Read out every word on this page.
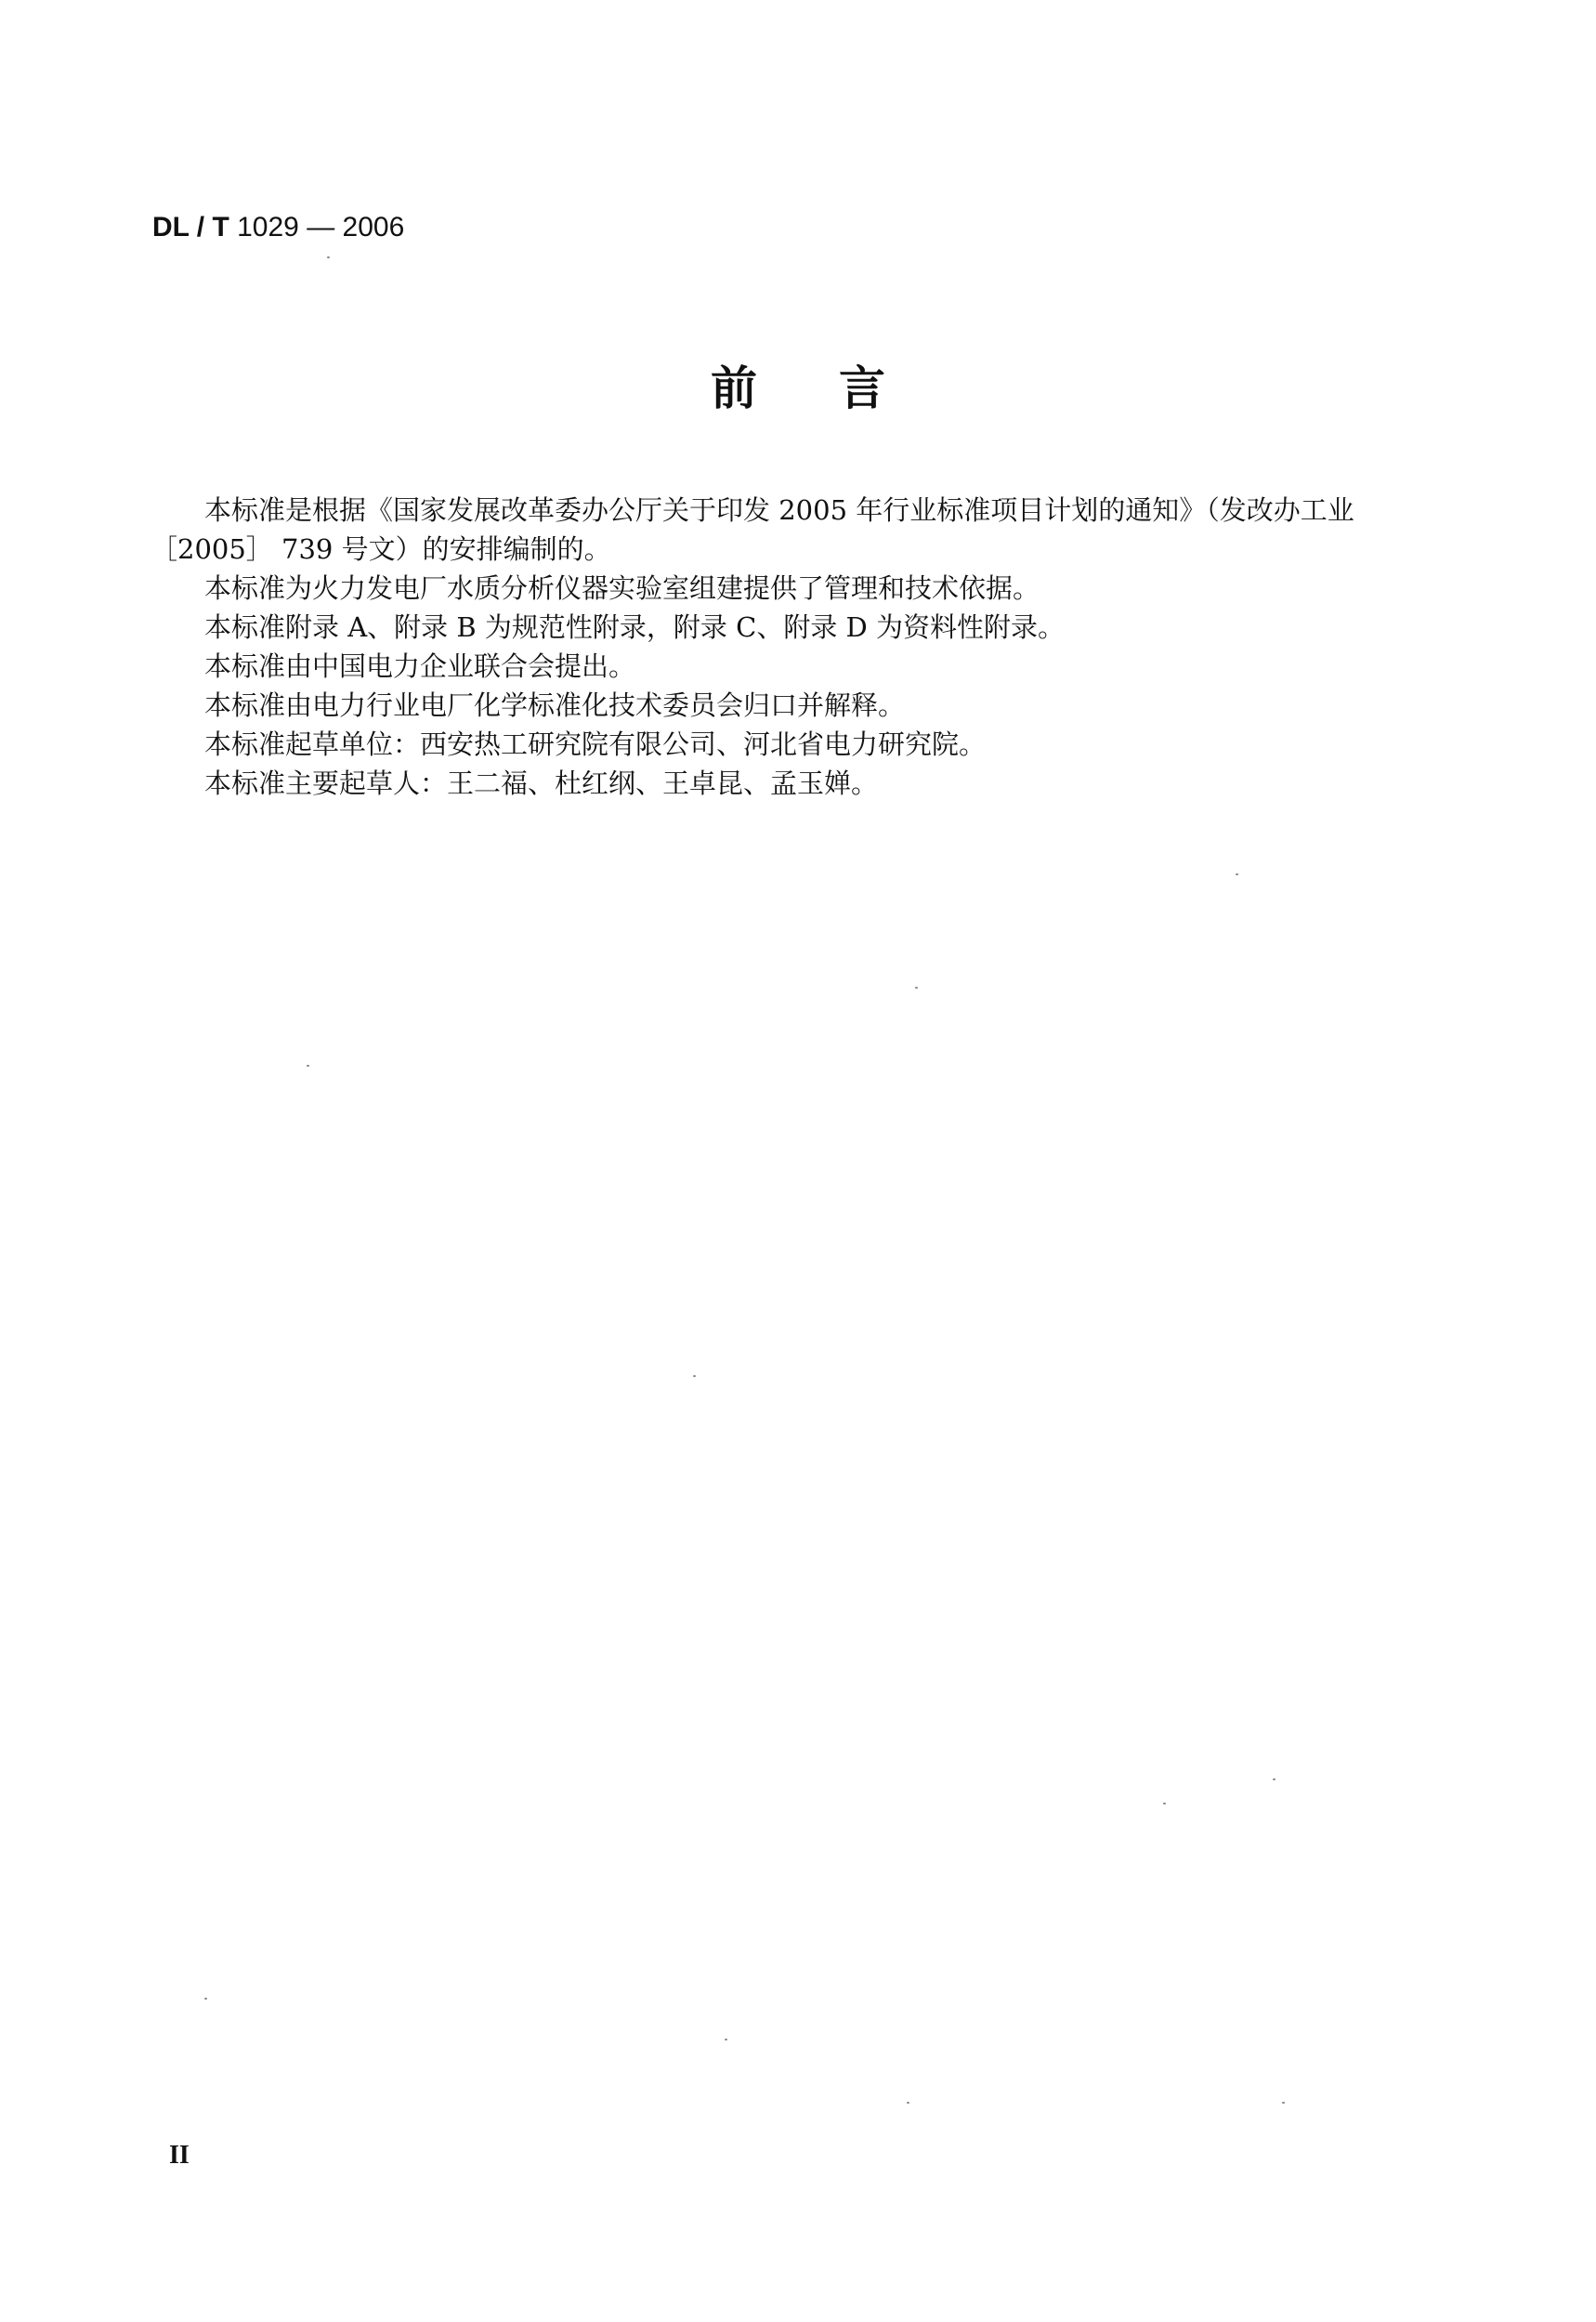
DL / T 1029 — 2006
前言

本标准是根据《国家发展改革委办公厅关于印发 2005 年行业标准项目计划的通知》（发改办工业

［2005］ 739 号文）的安排编制的。

本标准为火力发电厂水质分析仪器实验室组建提供了管理和技术依据。

本标准附录 A、附录 B 为规范性附录，附录 C、附录 D 为资料性附录。

本标准由中国电力企业联合会提出。

本标准由电力行业电厂化学标准化技术委员会归口并解释。

本标准起草单位：西安热工研究院有限公司、河北省电力研究院。

本标准主要起草人：王二福、杜红纲、王卓昆、孟玉婵。

II
